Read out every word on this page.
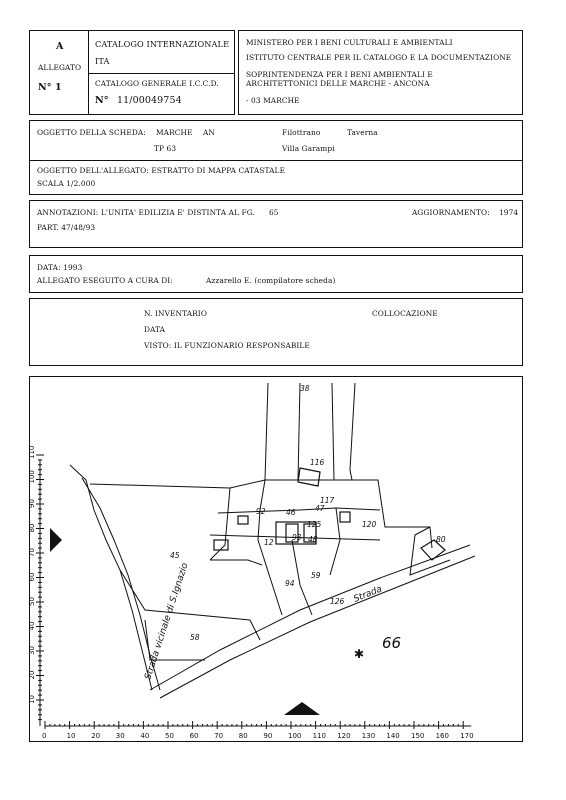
A
ALLEGATO
N° 1
CATALOGO INTERNAZIONALE
ITA
CATALOGO GENERALE I.C.C.D.
N° 11/00049754
MINISTERO PER I BENI CULTURALI E AMBIENTALI
ISTITUTO CENTRALE PER IL CATALOGO E LA DOCUMENTAZIONE
SOPRINTENDENZA PER I BENI AMBIENTALI E
ARCHITETTONICI DELLE MARCHE - ANCONA
- 03 MARCHE
OGGETTO DELLA SCHEDA: MARCHE AN	Filottrano	Taverna
TP 63	Villa Garampi
OGGETTO DELL'ALLEGATO: ESTRATTO DI MAPPA CATASTALE
SCALA 1/2.000
ANNOTAZIONI: L'UNITA' EDILIZIA E' DISTINTA AL FG. 65	AGGIORNAMENTO: 1974
PART. 47/48/93
DATA: 1993
ALLEGATO ESEGUITO A CURA DI:	Azzarello E. (compilatore scheda)
N. INVENTARIO	COLLOCAZIONE
DATA
VISTO: IL FUNZIONARIO RESPONSABILE
0	10 20 30 40 50 60 70 80 90 100 110 120 130 140 150 160 170
10
20
30
40
50
60
70
80
90
100
110
38
116
117
92	46
125
48
45
80
94
59
58
126
12
93
47
120
Strada vicinale di S.Ignazio	Strada
66
✱
